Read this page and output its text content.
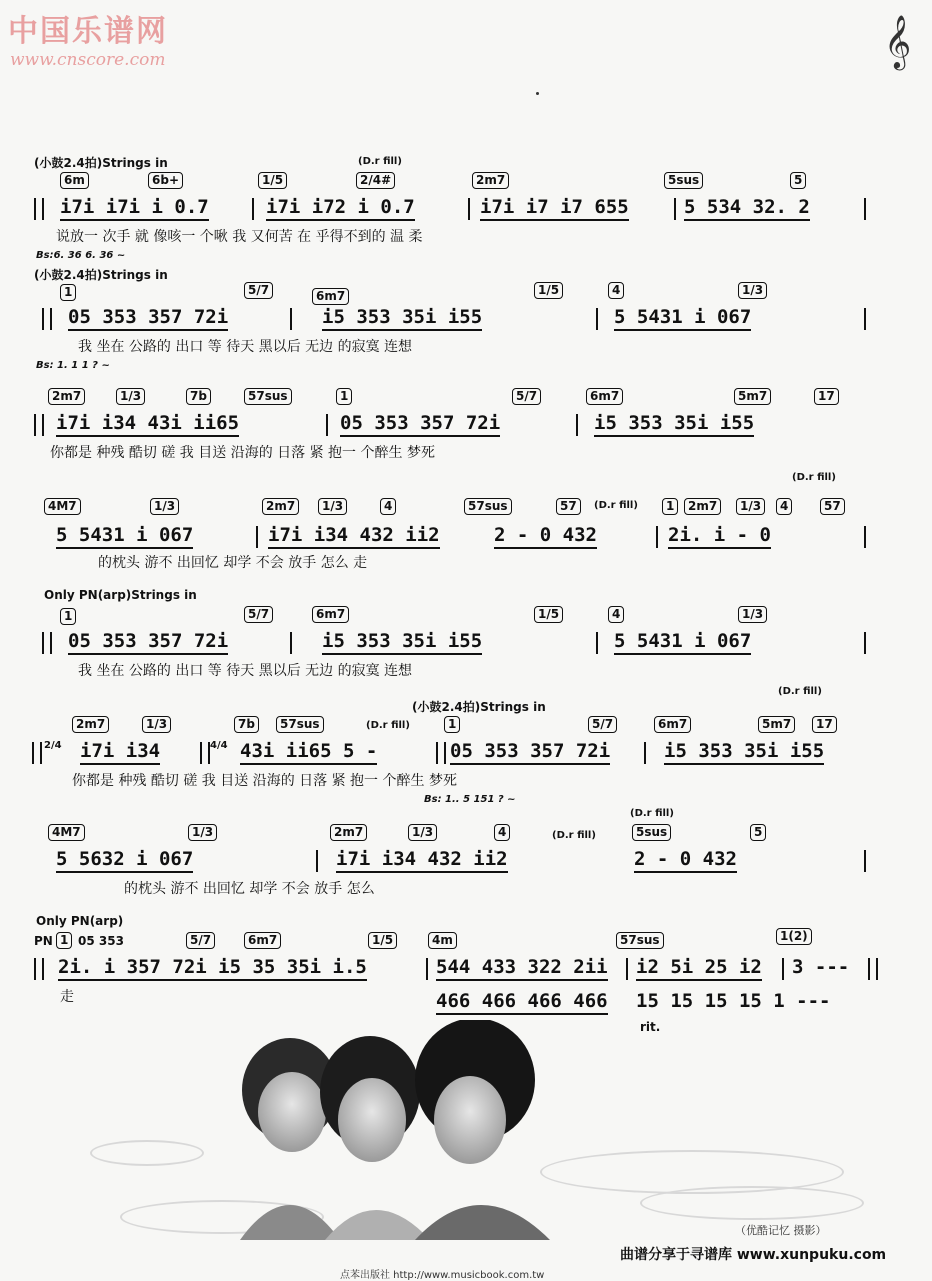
中国乐谱网
www.cnscore.com	𝄞
(小鼓2.4拍)Strings in	(D.r fill)
6m	6b+	1/5	2/4#	2m7	5sus	5
i7i i7i i 0.7	i7i i72 i 0.7	i7i i7 i7 655	5 534 32. 2
说放一 次手 就 像咳一 个啾 我 又何苦 在 乎得不到的 温 柔
Bs:6. 36 6. 36 ~
(小鼓2.4拍)Strings in
1	5/7	6m7	1/5	4	1/3
05 353 357 72i	i5 353 35i i55	5 5431 i 067
我 坐在 公路的 出口 等 待天 黑以后 无边 的寂寞 连想
Bs: 1. 1 1 ? ~
2m7	1/3	7b	57sus	1	5/7	6m7	5m7	17
i7i i34 43i ii65	05 353 357 72i	i5 353 35i i55
你都是 种残 酷切 磋 我 目送 沿海的 日落 紧 抱一 个醉生 梦死
(D.r fill)
(D.r fill)
4M7	1/3	2m7	1/3	4	57sus	57	1	2m7	1/3	4	57
5 5431 i 067	i7i i34 432 ii2	2 - 0 432	2i. i - 0
的枕头 游不 出回忆 却学 不会 放手 怎么 走
Only PN(arp)Strings in
1	5/7	6m7	1/5	4	1/3
05 353 357 72i	i5 353 35i i55	5 5431 i 067
我 坐在 公路的 出口 等 待天 黑以后 无边 的寂寞 连想
(小鼓2.4拍)Strings in
(D.r fill)
(D.r fill)
2m7	1/3	7b	57sus	1	5/7	6m7	5m7	17
2/4 i7i i34	4/4 43i ii65 5 -	05 353 357 72i	i5 353 35i i55
你都是 种残 酷切 磋 我 目送 沿海的 日落 紧 抱一 个醉生 梦死
Bs: 1.. 5 151 ? ~
(D.r fill)
(D.r fill)
4M7	1/3	2m7	1/3	4	5sus	5
5 5632 i 067	i7i i34 432 ii2	2 - 0 432
的枕头 游不 出回忆 却学 不会 放手 怎么
Only PN(arp)
PN 1 05 353	5/7	6m7	1/5	4m	57sus	1(2)
2i. i 357 72i i5 35 35i i.5	544 433 322 2ii i2 5i 25 i2 3 ---
走	466 466 466 466 15 15 15 15 1 ---
rit.
（优酷记忆 摄影）
曲谱分享于寻谱库 www.xunpuku.com
点苯出版社 http://www.musicbook.com.tw
